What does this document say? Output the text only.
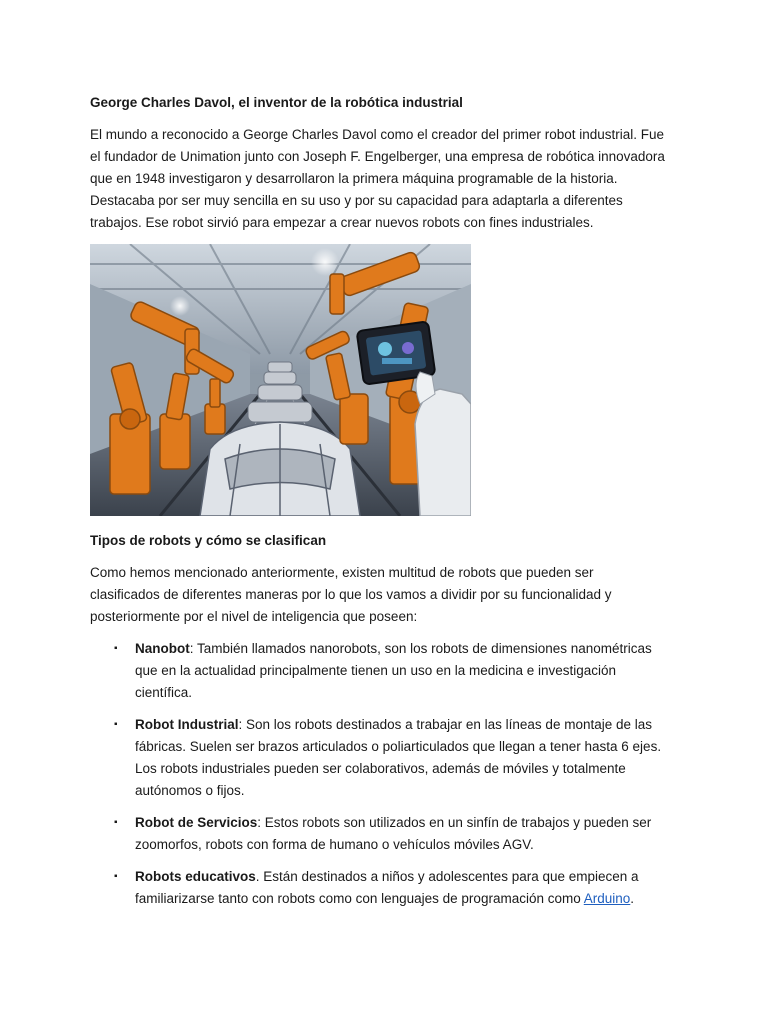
George Charles Davol, el inventor de la robótica industrial

El mundo a reconocido a George Charles Davol como el creador del primer robot industrial. Fue
el fundador de Unimation junto con Joseph F. Engelberger, una empresa de robótica innovadora
que en 1948 investigaron y desarrollaron la primera máquina programable de la historia.
Destacaba por ser muy sencilla en su uso y por su capacidad para adaptarla a diferentes
trabajos. Ese robot sirvió para empezar a crear nuevos robots con fines industriales.

Tipos de robots y cómo se clasifican

Como hemos mencionado anteriormente, existen multitud de robots que pueden ser
clasificados de diferentes maneras por lo que los vamos a dividir por su funcionalidad y
posteriormente por el nivel de inteligencia que poseen:

▪ Nanobot: También llamados nanorobots, son los robots de dimensiones nanométricas
que en la actualidad principalmente tienen un uso en la medicina e investigación
científica.
▪ Robot Industrial: Son los robots destinados a trabajar en las líneas de montaje de las
fábricas. Suelen ser brazos articulados o poliarticulados que llegan a tener hasta 6 ejes.
Los robots industriales pueden ser colaborativos, además de móviles y totalmente
autónomos o fijos.
▪ Robot de Servicios: Estos robots son utilizados en un sinfín de trabajos y pueden ser
zoomorfos, robots con forma de humano o vehículos móviles AGV.
▪ Robots educativos. Están destinados a niños y adolescentes para que empiecen a
familiarizarse tanto con robots como con lenguajes de programación como Arduino.
